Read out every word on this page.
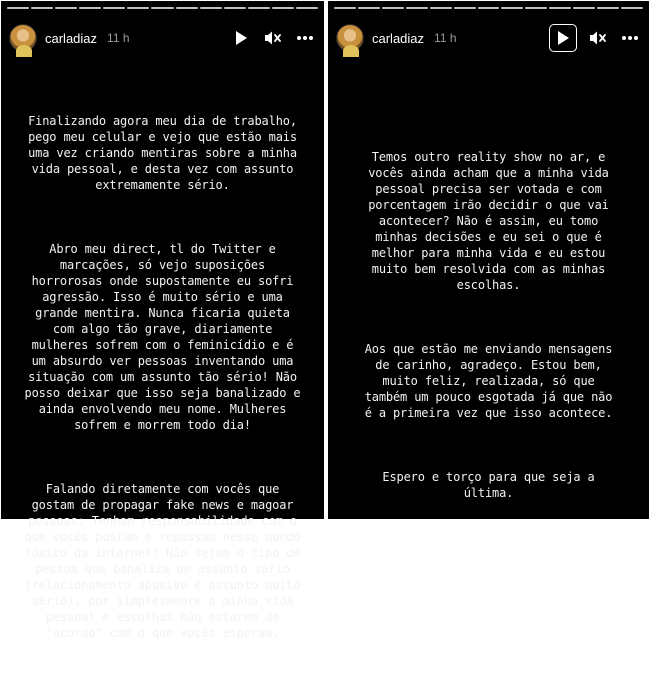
carladiaz 11 h

Finalizando agora meu dia de trabalho,
pego meu celular e vejo que estão mais
uma vez criando mentiras sobre a minha
vida pessoal, e desta vez com assunto
extremamente sério.

Abro meu direct, tl do Twitter e
marcações, só vejo suposições
horrorosas onde supostamente eu sofri
agressão. Isso é muito sério e uma
grande mentira. Nunca ficaria quieta
com algo tão grave, diariamente
mulheres sofrem com o feminicídio e é
um absurdo ver pessoas inventando uma
situação com um assunto tão sério! Não
posso deixar que isso seja banalizado e
ainda envolvendo meu nome. Mulheres
sofrem e morrem todo dia!

Falando diretamente com vocês que
gostam de propagar fake news e magoar
pessoas: Tenham responsabilidade com o
que vocês postam e repassam nesse mundo
tóxico da internet! Não sejam o tipo de
pessoa que banaliza um assunto sério
(relacionamento abusivo é assunto muito
sério), por simplesmente a minha vida
pessoal e escolhas não estarem de
"acordo" com o que vocês esperam.

carladiaz 11 h

Temos outro reality show no ar, e
vocês ainda acham que a minha vida
pessoal precisa ser votada e com
porcentagem irão decidir o que vai
acontecer? Não é assim, eu tomo
minhas decisões e eu sei o que é
melhor para minha vida e eu estou
muito bem resolvida com as minhas
escolhas.

Aos que estão me enviando mensagens
de carinho, agradeço. Estou bem,
muito feliz, realizada, só que
também um pouco esgotada já que não
é a primeira vez que isso acontece.

Espero e torço para que seja a
última.
